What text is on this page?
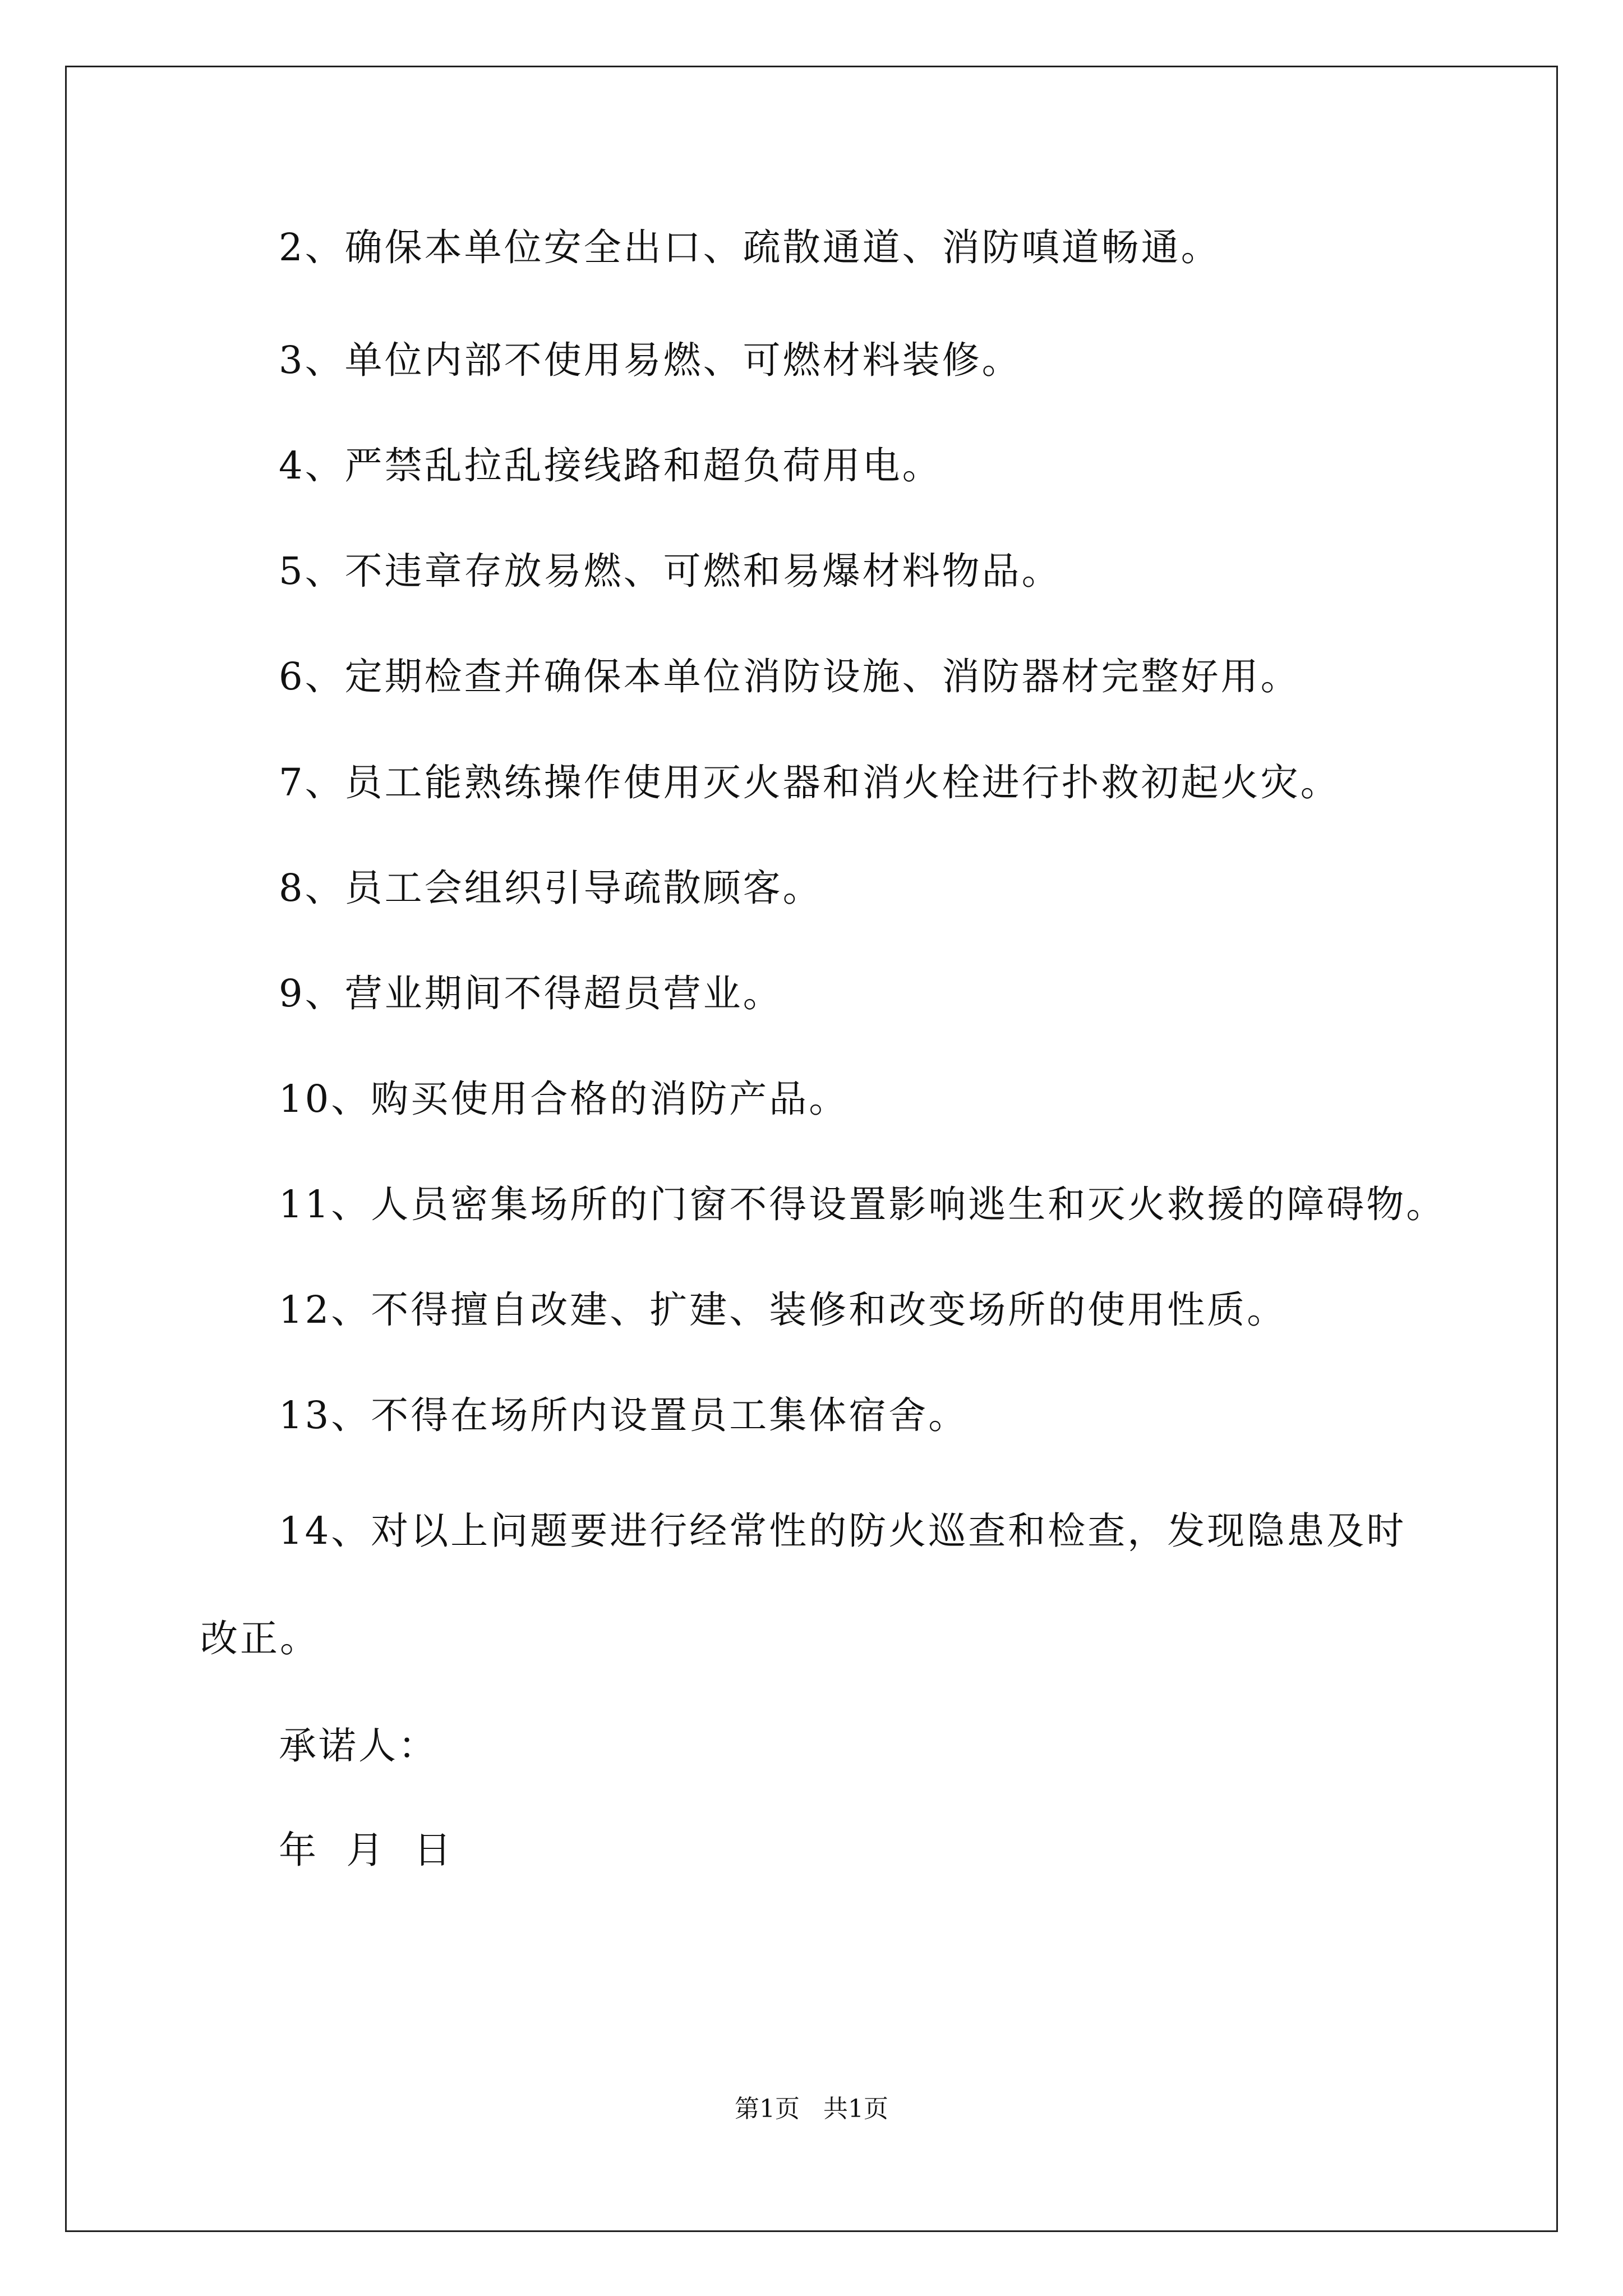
2、确保本单位安全出口、疏散通道、消防嗔道畅通。
3、单位内部不使用易燃、可燃材料装修。
4、严禁乱拉乱接线路和超负荷用电。
5、不违章存放易燃、可燃和易爆材料物品。
6、定期检查并确保本单位消防设施、消防器材完整好用。
7、员工能熟练操作使用灭火器和消火栓进行扑救初起火灾。
8、员工会组织引导疏散顾客。
9、营业期间不得超员营业。
10、购买使用合格的消防产品。
11、人员密集场所的门窗不得设置影响逃生和灭火救援的障碍物。
12、不得擅自改建、扩建、装修和改变场所的使用性质。
13、不得在场所内设置员工集体宿舍。
14、对以上问题要进行经常性的防火巡查和检查，发现隐患及时
改正。
承诺人：
年 月 日
第1页   共1页
